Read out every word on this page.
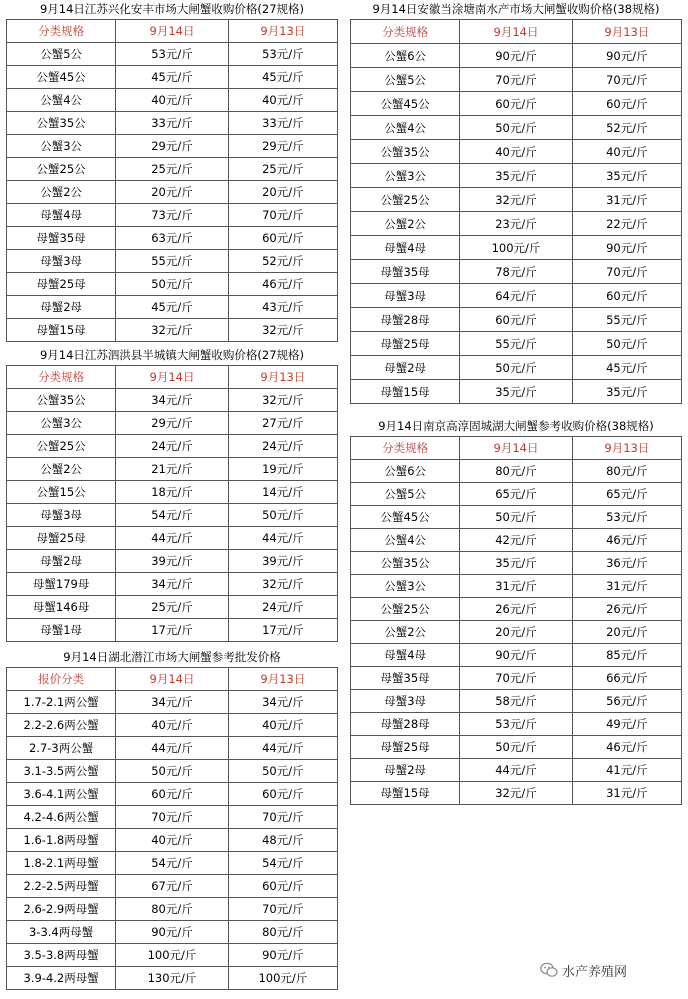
9月14日江苏兴化安丰市场大闸蟹收购价格(27规格)
分类规格	9月14日	9月13日
公蟹5公	53元/斤	53元/斤
公蟹45公	45元/斤	45元/斤
公蟹4公	40元/斤	40元/斤
公蟹35公	33元/斤	33元/斤
公蟹3公	29元/斤	29元/斤
公蟹25公	25元/斤	25元/斤
公蟹2公	20元/斤	20元/斤
母蟹4母	73元/斤	70元/斤
母蟹35母	63元/斤	60元/斤
母蟹3母	55元/斤	52元/斤
母蟹25母	50元/斤	46元/斤
母蟹2母	45元/斤	43元/斤
母蟹15母	32元/斤	32元/斤
9月14日江苏泗洪县半城镇大闸蟹收购价格(27规格)
分类规格	9月14日	9月13日
公蟹35公	34元/斤	32元/斤
公蟹3公	29元/斤	27元/斤
公蟹25公	24元/斤	24元/斤
公蟹2公	21元/斤	19元/斤
公蟹15公	18元/斤	14元/斤
母蟹3母	54元/斤	50元/斤
母蟹25母	44元/斤	44元/斤
母蟹2母	39元/斤	39元/斤
母蟹179母	34元/斤	32元/斤
母蟹146母	25元/斤	24元/斤
母蟹1母	17元/斤	17元/斤
9月14日湖北潜江市场大闸蟹参考批发价格
报价分类	9月14日	9月13日
1.7-2.1两公蟹	34元/斤	34元/斤
2.2-2.6两公蟹	40元/斤	40元/斤
2.7-3两公蟹	44元/斤	44元/斤
3.1-3.5两公蟹	50元/斤	50元/斤
3.6-4.1两公蟹	60元/斤	60元/斤
4.2-4.6两公蟹	70元/斤	70元/斤
1.6-1.8两母蟹	40元/斤	48元/斤
1.8-2.1两母蟹	54元/斤	54元/斤
2.2-2.5两母蟹	67元/斤	60元/斤
2.6-2.9两母蟹	80元/斤	70元/斤
3-3.4两母蟹	90元/斤	80元/斤
3.5-3.8两母蟹	100元/斤	90元/斤
3.9-4.2两母蟹	130元/斤	100元/斤
9月14日安徽当涂塘南水产市场大闸蟹收购价格(38规格)
分类规格	9月14日	9月13日
公蟹6公	90元/斤	90元/斤
公蟹5公	70元/斤	70元/斤
公蟹45公	60元/斤	60元/斤
公蟹4公	50元/斤	52元/斤
公蟹35公	40元/斤	40元/斤
公蟹3公	35元/斤	35元/斤
公蟹25公	32元/斤	31元/斤
公蟹2公	23元/斤	22元/斤
母蟹4母	100元/斤	90元/斤
母蟹35母	78元/斤	70元/斤
母蟹3母	64元/斤	60元/斤
母蟹28母	60元/斤	55元/斤
母蟹25母	55元/斤	50元/斤
母蟹2母	50元/斤	45元/斤
母蟹15母	35元/斤	35元/斤
9月14日南京高淳固城湖大闸蟹参考收购价格(38规格)
分类规格	9月14日	9月13日
公蟹6公	80元/斤	80元/斤
公蟹5公	65元/斤	65元/斤
公蟹45公	50元/斤	53元/斤
公蟹4公	42元/斤	46元/斤
公蟹35公	35元/斤	36元/斤
公蟹3公	31元/斤	31元/斤
公蟹25公	26元/斤	26元/斤
公蟹2公	20元/斤	20元/斤
母蟹4母	90元/斤	85元/斤
母蟹35母	70元/斤	66元/斤
母蟹3母	58元/斤	56元/斤
母蟹28母	53元/斤	49元/斤
母蟹25母	50元/斤	46元/斤
母蟹2母	44元/斤	41元/斤
母蟹15母	32元/斤	31元/斤
水产养殖网
